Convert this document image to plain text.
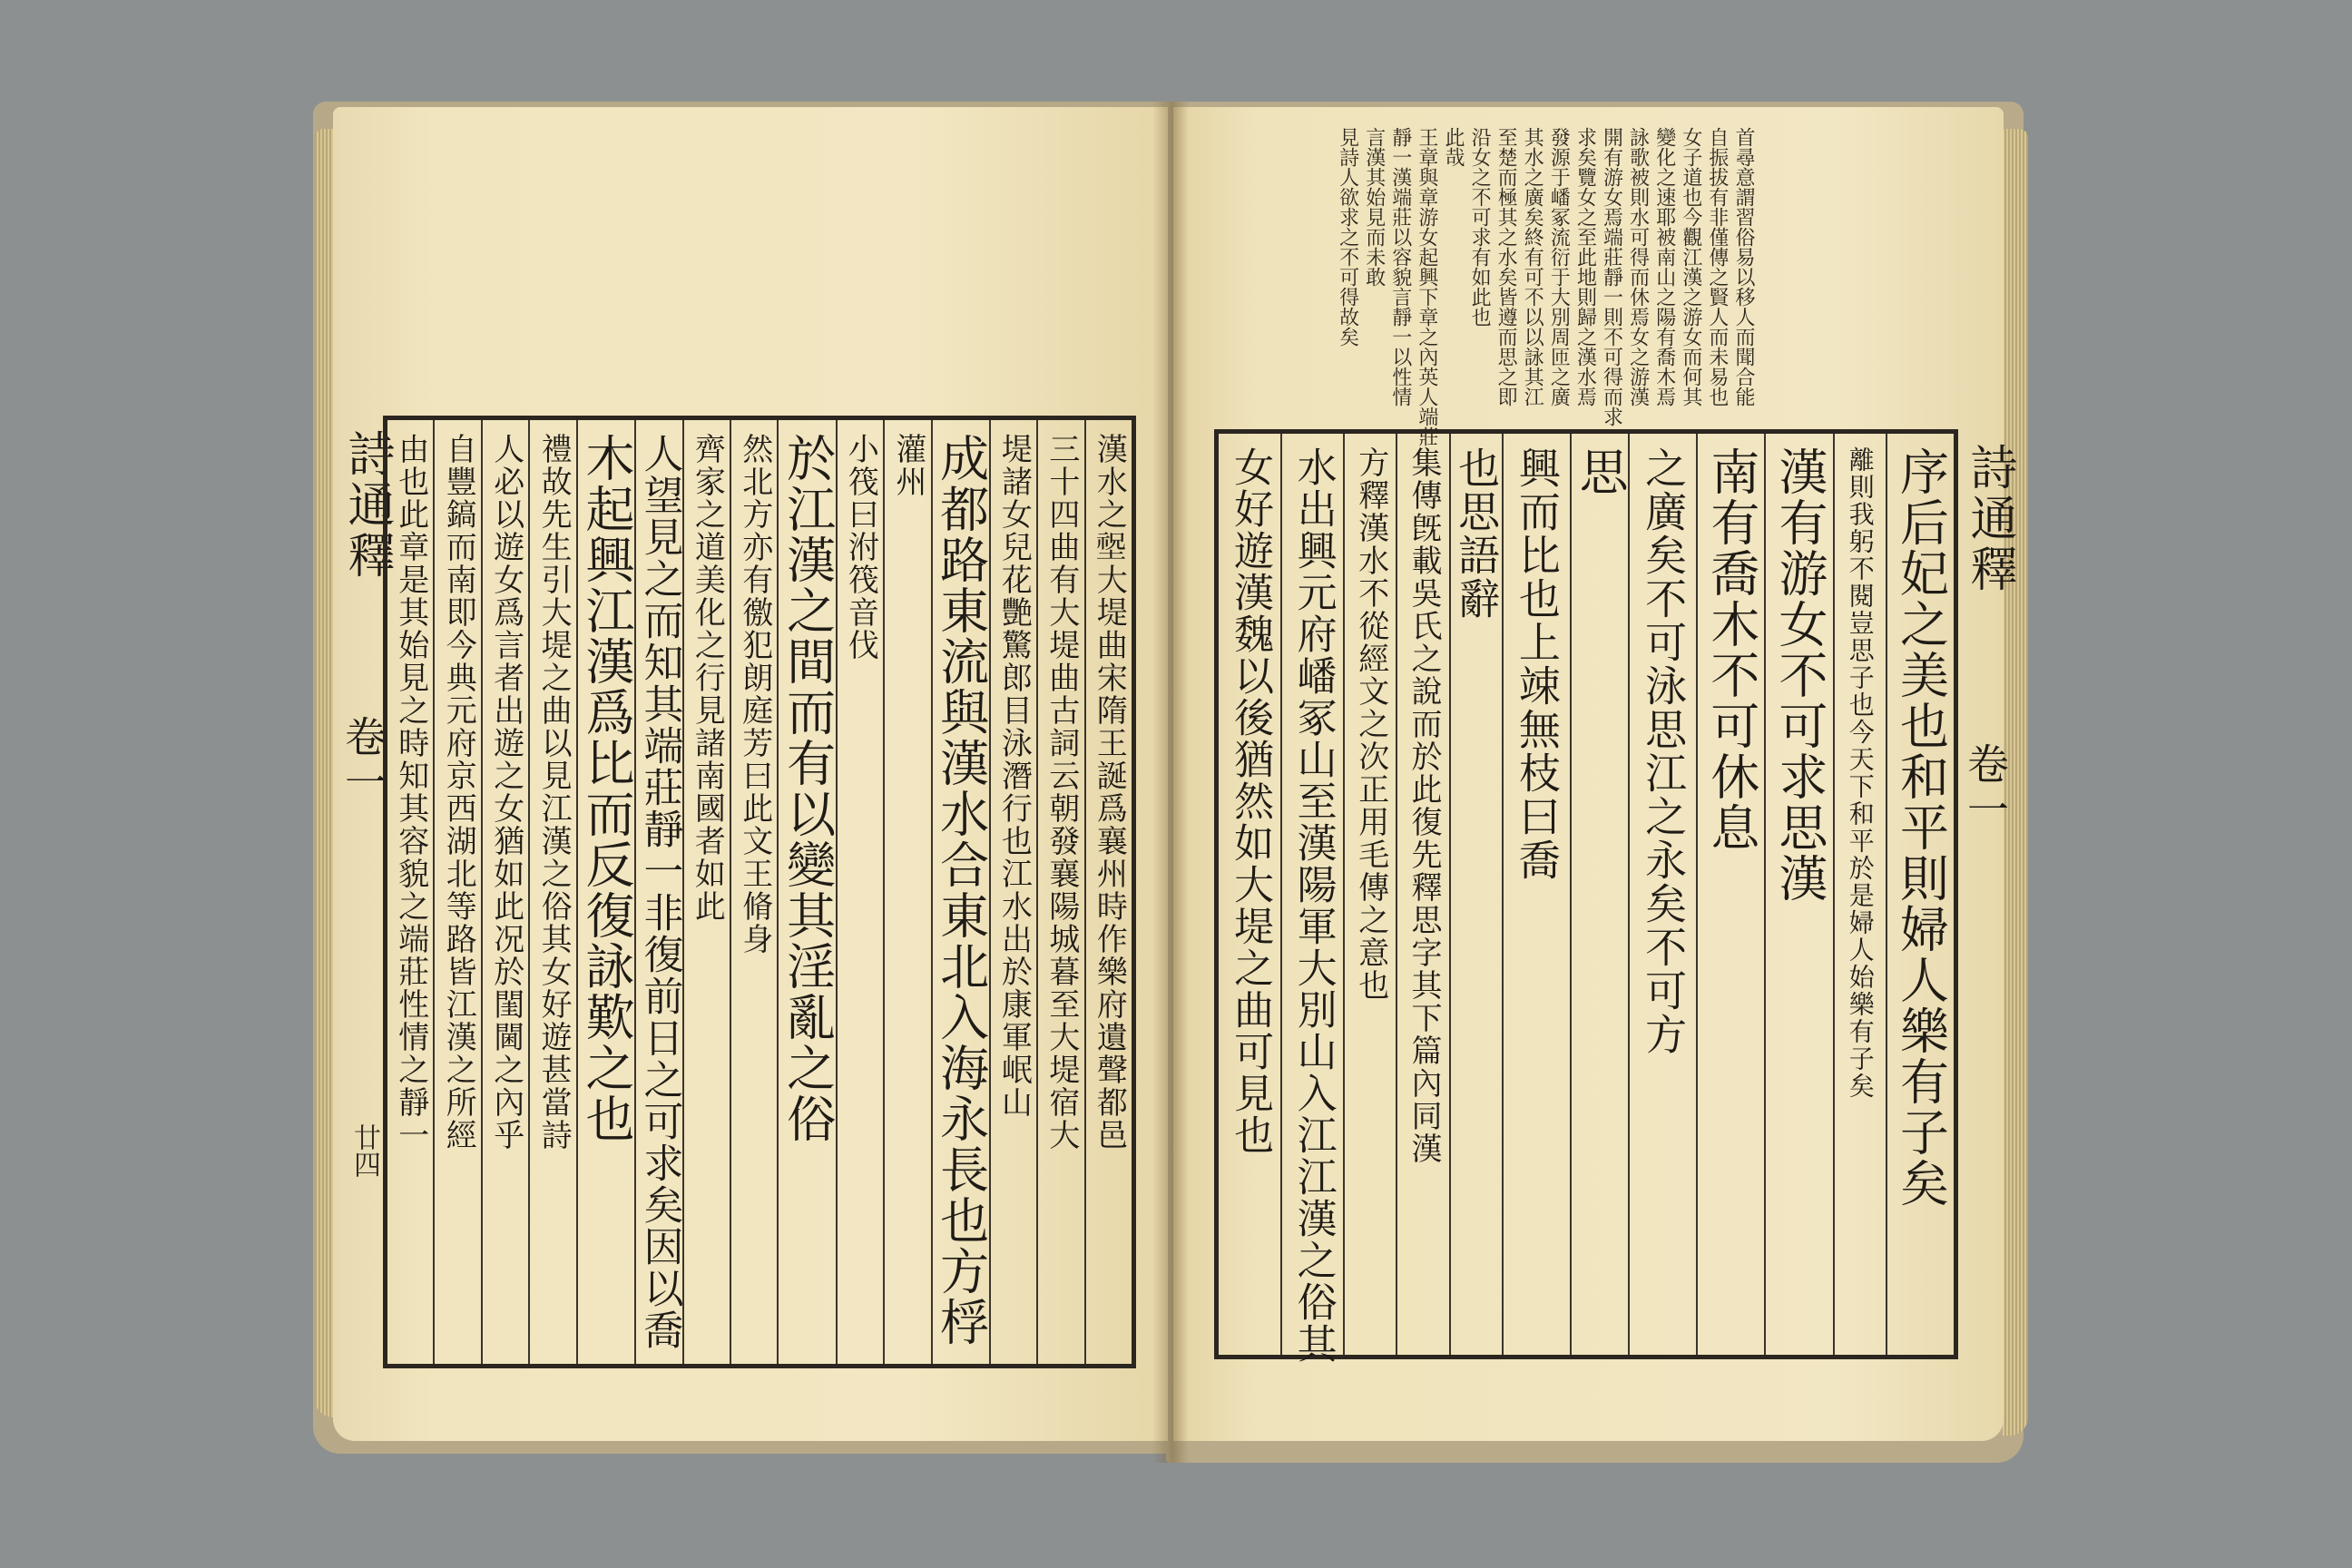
詩通釋
卷一
廿四	漢水之𡎺大堤曲宋隋王誕爲襄州時作樂府遺聲都邑
三十四曲有大堤曲古詞云朝發襄陽城暮至大堤宿大
堤諸女兒花艷驚郎目泳潛行也江水出於康軍岷山
成都路東流與漢水合東北入海永長也方桴
灌州
小筏曰泭筏音伐
於江漢之間而有以變其淫亂之俗
然北方亦有徼犯朗庭芳曰此文王脩身
齊家之道美化之行見諸南國者如此
人望見之而知其端莊靜一非復前日之可求矣因以喬
木起興江漢爲比而反復詠歎之也
禮故先生引大堤之曲以見江漢之俗其女好遊甚當詩
人必以遊女爲言者出遊之女猶如此况於閨閫之內乎
自豐鎬而南即今典元府京西湖北等路皆江漢之所經
由也此章是其始見之時知其容貌之端莊性情之靜一
首尋意謂習俗易以移人而聞合能
自振拔有非僅傳之賢人而未易也
女子道也今觀江漢之游女而何其
變化之速耶被南山之陽有喬木焉
詠歌被則水可得而休焉女之游漢
開有游女焉端莊靜一則不可得而求
求矣覽女之至此地則歸之漢水焉
發源于嶓冢流衍于大別周匝之廣
其水之廣矣終有可不以以詠其江
至楚而極其之水矣皆遵而思之即
沿女之不可求有如此也
此哉
王章與章游女起興下章之內英人端莊
靜一漢端莊以容貌言靜一以性情
言漢其始見而未敢
見詩人欲求之不可得故矣
詩通釋
卷一
序后妃之美也和平則婦人樂有子矣
離則我躬不閱豈思子也今天下和平於是婦人始樂有子矣
漢有游女不可求思漢
南有喬木不可休息
之廣矣不可泳思江之永矣不可方
思
興而比也上竦無枝曰喬
也思語辭
集傳旣載吳氏之說而於此復先釋思字其下篇內同漢
方釋漢水不從經文之次正用毛傳之意也
水出興元府嶓冢山至漢陽軍大別山入江江漢之俗其
女好遊漢魏以後猶然如大堤之曲可見也
